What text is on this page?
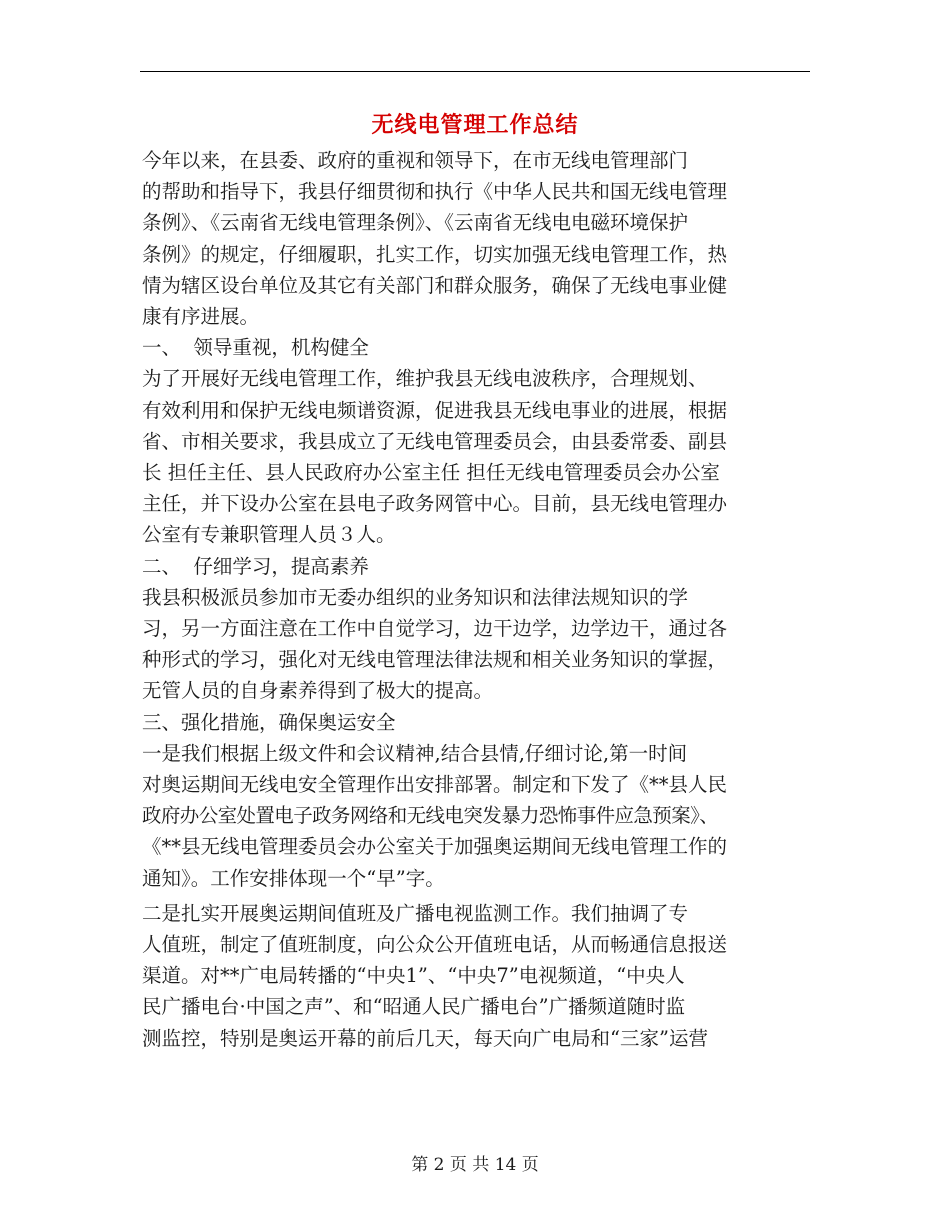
无线电管理工作总结

今年以来，在县委、政府的重视和领导下，在市无线电管理部门

的帮助和指导下，我县仔细贯彻和执行《中华人民共和国无线电管理

条例》、《云南省无线电管理条例》、《云南省无线电电磁环境保护

条例》的规定，仔细履职，扎实工作，切实加强无线电管理工作，热

情为辖区设台单位及其它有关部门和群众服务，确保了无线电事业健

康有序进展。

一、  领导重视，机构健全

为了开展好无线电管理工作，维护我县无线电波秩序，合理规划、

有效利用和保护无线电频谱资源，促进我县无线电事业的进展，根据

省、市相关要求，我县成立了无线电管理委员会，由县委常委、副县

长 担任主任、县人民政府办公室主任 担任无线电管理委员会办公室

主任，并下设办公室在县电子政务网管中心。目前，县无线电管理办

公室有专兼职管理人员３人。

二、  仔细学习，提高素养

我县积极派员参加市无委办组织的业务知识和法律法规知识的学

习，另一方面注意在工作中自觉学习，边干边学，边学边干，通过各

种形式的学习，强化对无线电管理法律法规和相关业务知识的掌握，

无管人员的自身素养得到了极大的提高。

三、强化措施，确保奥运安全

一是我们根据上级文件和会议精神,结合县情,仔细讨论,第一时间

对奥运期间无线电安全管理作出安排部署。制定和下发了《**县人民

政府办公室处置电子政务网络和无线电突发暴力恐怖事件应急预案》、

《**县无线电管理委员会办公室关于加强奥运期间无线电管理工作的

通知》。工作安排体现一个“早”字。

二是扎实开展奥运期间值班及广播电视监测工作。我们抽调了专

人值班，制定了值班制度，向公众公开值班电话，从而畅通信息报送

渠道。对**广电局转播的“中央1”、“中央7”电视频道，“中央人

民广播电台·中国之声”、和“昭通人民广播电台”广播频道随时监

测监控，特别是奥运开幕的前后几天，每天向广电局和“三家”运营

第 2 页 共 14 页
